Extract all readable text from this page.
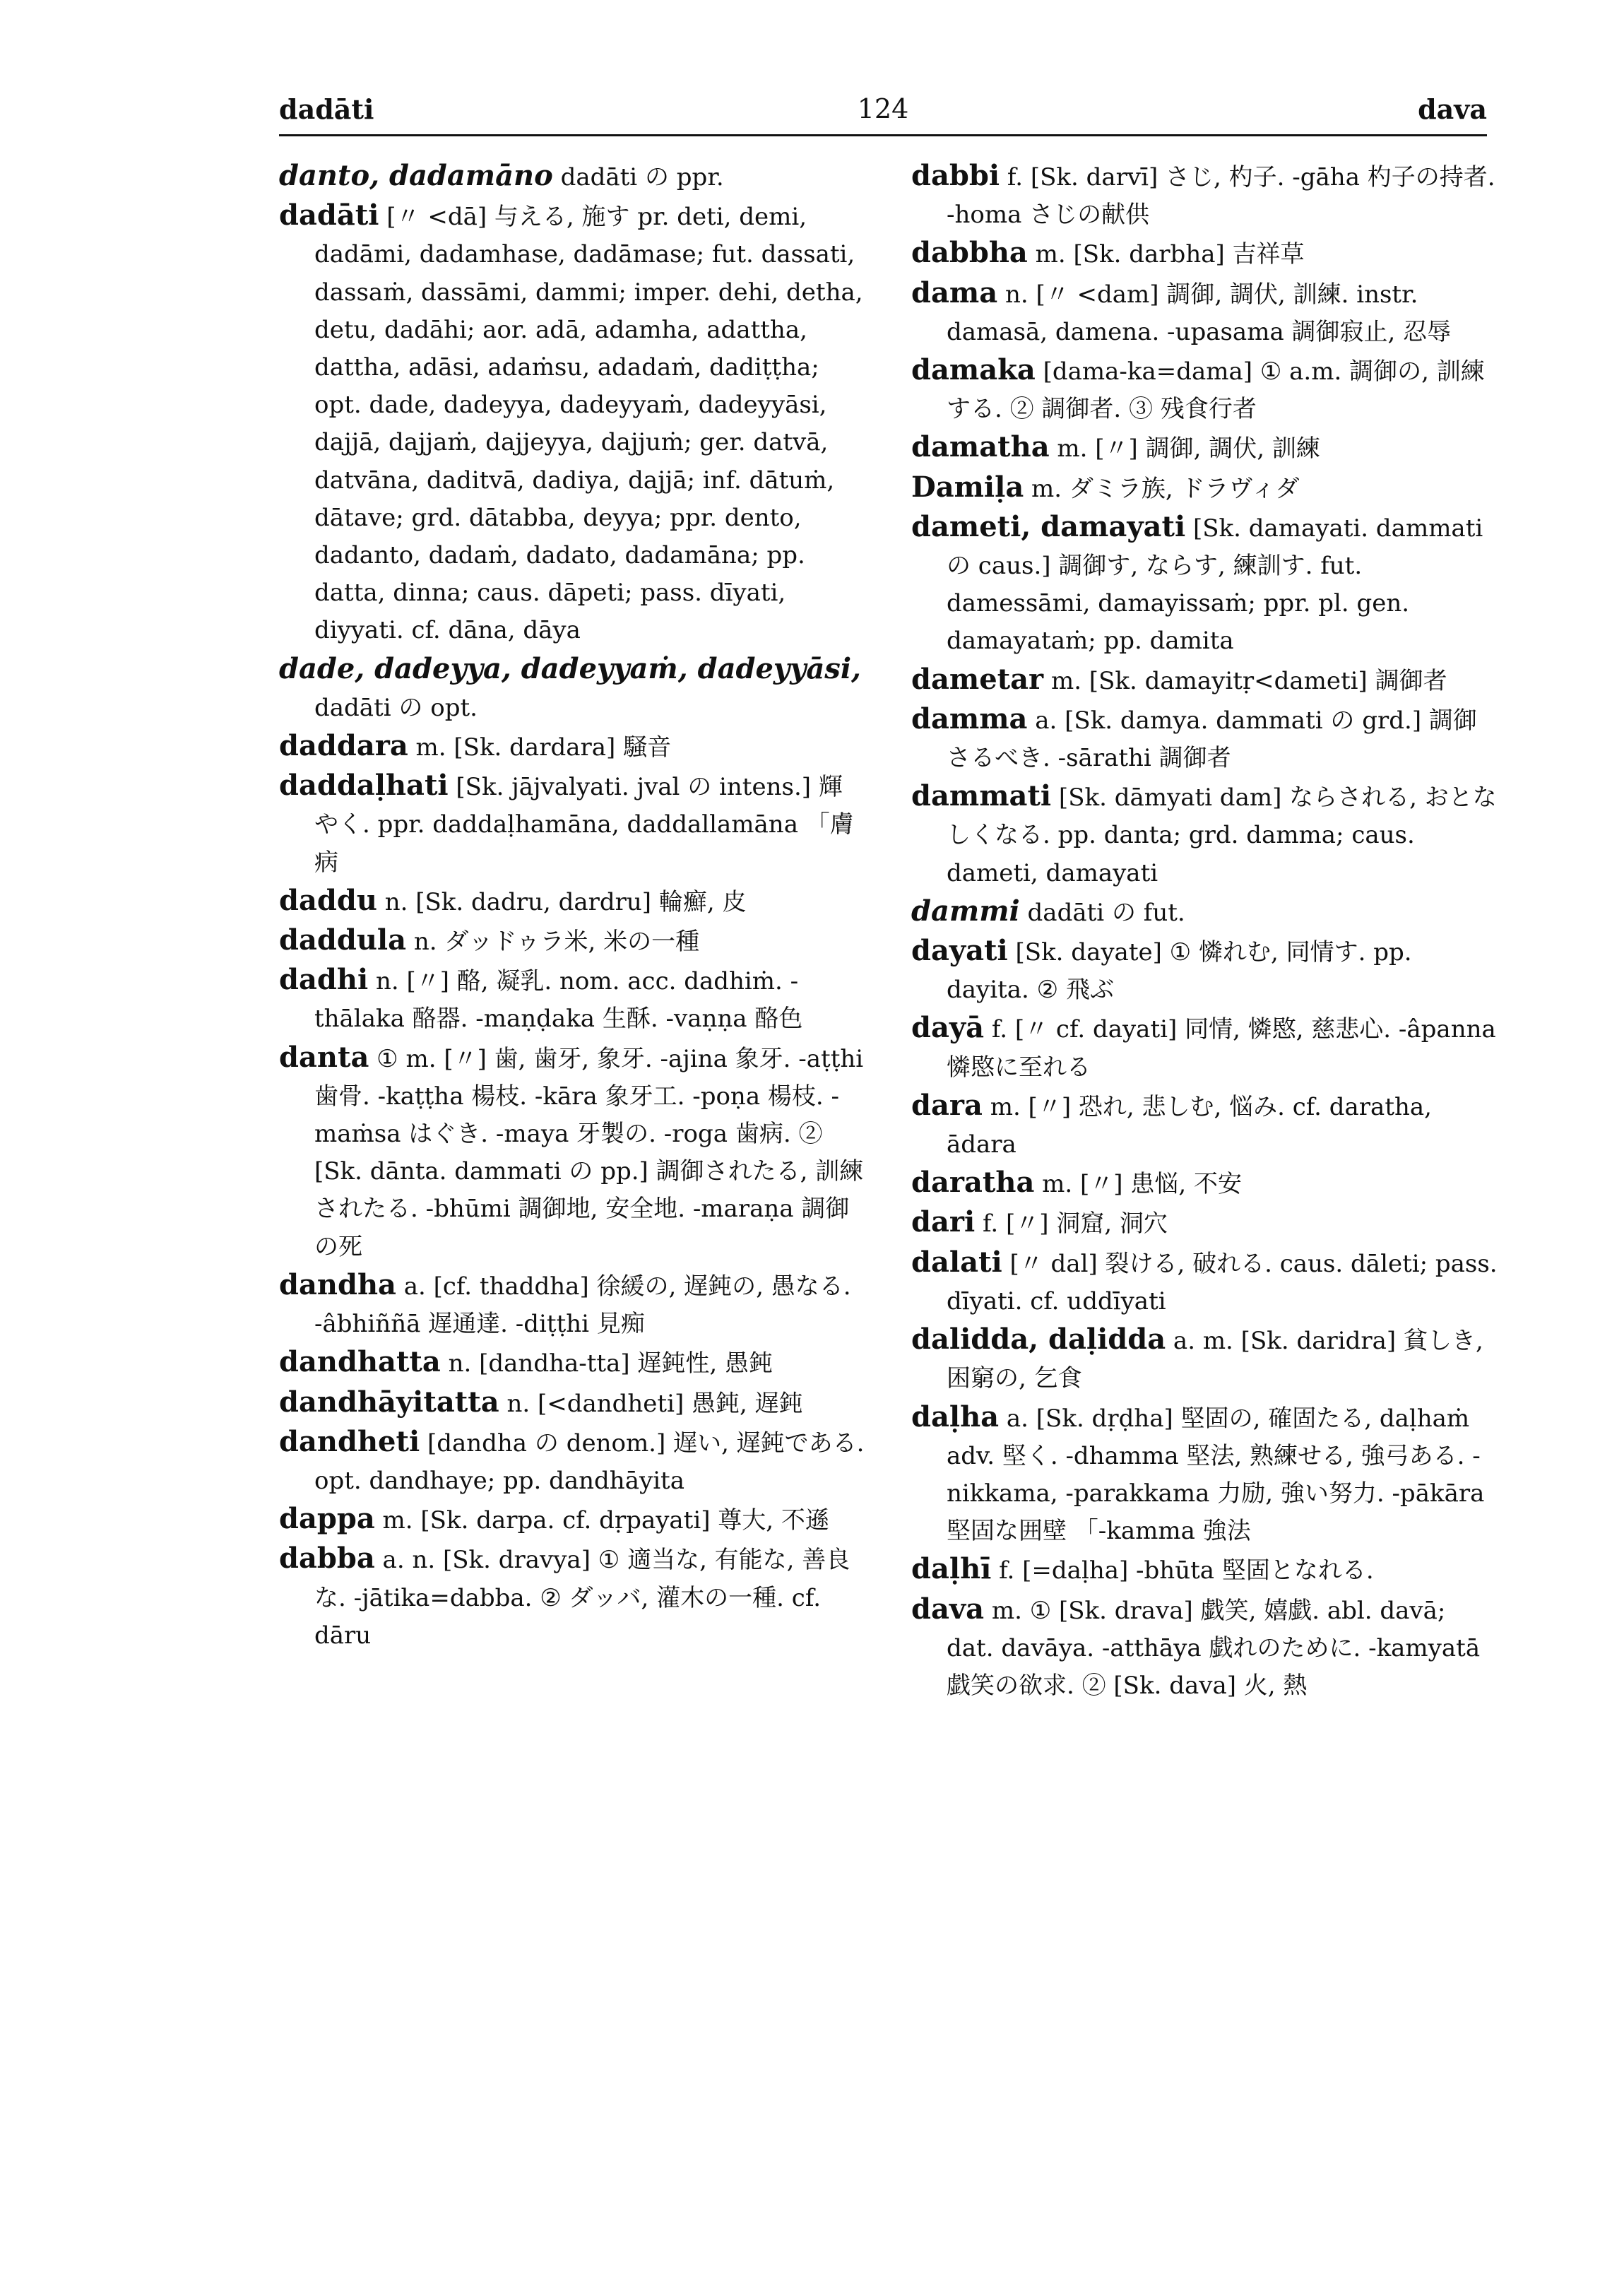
dadāti	124	dava

danto, dadamāno dadāti の ppr.

dadāti [〃 <dā] 与える, 施す pr. deti, demi, dadāmi, dadamhase, dadāmase; fut. dassati, dassaṁ, dassāmi, dammi; imper. dehi, detha, detu, dadāhi; aor. adā, adamha, adattha, dattha, adāsi, adaṁsu, adadaṁ, dadiṭṭha; opt. dade, dadeyya, dadeyyaṁ, dadeyyāsi, dajjā, dajjaṁ, dajjeyya, dajjuṁ; ger. datvā, datvāna, daditvā, dadiya, dajjā; inf. dātuṁ, dātave; grd. dātabba, deyya; ppr. dento, dadanto, dadaṁ, dadato, dadamāna; pp. datta, dinna; caus. dāpeti; pass. dīyati, diyyati. cf. dāna, dāya

dade, dadeyya, dadeyyaṁ, dadeyyāsi, dadāti の opt.

daddara m. [Sk. dardara] 騒音

daddaḷhati [Sk. jājvalyati. jval の intens.] 輝やく. ppr. daddaḷhamāna, daddallamāna 「膚病

daddu n. [Sk. dadru, dardru] 輪癬, 皮

daddula n. ダッドゥラ米, 米の一種

dadhi n. [〃] 酪, 凝乳. nom. acc. dadhiṁ. -thālaka 酪器. -maṇḍaka 生酥. -vaṇṇa 酪色

danta ① m. [〃] 歯, 歯牙, 象牙. -ajina 象牙. -aṭṭhi 歯骨. -kaṭṭha 楊枝. -kāra 象牙工. -poṇa 楊枝. -maṁsa はぐき. -maya 牙製の. -roga 歯病. ② [Sk. dānta. dammati の pp.] 調御されたる, 訓練されたる. -bhūmi 調御地, 安全地. -maraṇa 調御の死

dandha a. [cf. thaddha] 徐緩の, 遅鈍の, 愚なる. -âbhiññā 遅通達. -diṭṭhi 見痴

dandhatta n. [dandha-tta] 遅鈍性, 愚鈍

dandhāyitatta n. [<dandheti] 愚鈍, 遅鈍

dandheti [dandha の denom.] 遅い, 遅鈍である. opt. dandhaye; pp. dandhāyita

dappa m. [Sk. darpa. cf. dṛpayati] 尊大, 不遜

dabba a. n. [Sk. dravya] ① 適当な, 有能な, 善良な. -jātika=dabba. ② ダッバ, 灌木の一種. cf. dāru

dabbi f. [Sk. darvī] さじ, 杓子. -gāha 杓子の持者. -homa さじの献供

dabbha m. [Sk. darbha] 吉祥草

dama n. [〃 <dam] 調御, 調伏, 訓練. instr. damasā, damena. -upasama 調御寂止, 忍辱

damaka [dama-ka=dama] ① a.m. 調御の, 訓練する. ② 調御者. ③ 残食行者

damatha m. [〃] 調御, 調伏, 訓練

Damiḷa m. ダミラ族, ドラヴィダ

dameti, damayati [Sk. damayati. dammati の caus.] 調御す, ならす, 練訓す. fut. damessāmi, damayissaṁ; ppr. pl. gen. damayataṁ; pp. damita

dametar m. [Sk. damayitṛ<dameti] 調御者

damma a. [Sk. damya. dammati の grd.] 調御さるべき. -sārathi 調御者

dammati [Sk. dāmyati dam] ならされる, おとなしくなる. pp. danta; grd. damma; caus. dameti, damayati

dammi dadāti の fut.

dayati [Sk. dayate] ① 憐れむ, 同情す. pp. dayita. ② 飛ぶ

dayā f. [〃 cf. dayati] 同情, 憐愍, 慈悲心. -âpanna 憐愍に至れる

dara m. [〃] 恐れ, 悲しむ, 悩み. cf. daratha, ādara

daratha m. [〃] 患悩, 不安

dari f. [〃] 洞窟, 洞穴

dalati [〃 dal] 裂ける, 破れる. caus. dāleti; pass. dīyati. cf. uddīyati

dalidda, daḷidda a. m. [Sk. daridra] 貧しき, 困窮の, 乞食

daḷha a. [Sk. dṛḍha] 堅固の, 確固たる, daḷhaṁ adv. 堅く. -dhamma 堅法, 熟練せる, 強弓ある. -nikkama, -parakkama 力励, 強い努力. -pākāra 堅固な囲壁 「-kamma 強法

daḷhī f. [=daḷha] -bhūta 堅固となれる.

dava m. ① [Sk. drava] 戯笑, 嬉戯. abl. davā; dat. davāya. -atthāya 戯れのために. -kamyatā 戯笑の欲求. ② [Sk. dava] 火, 熱
